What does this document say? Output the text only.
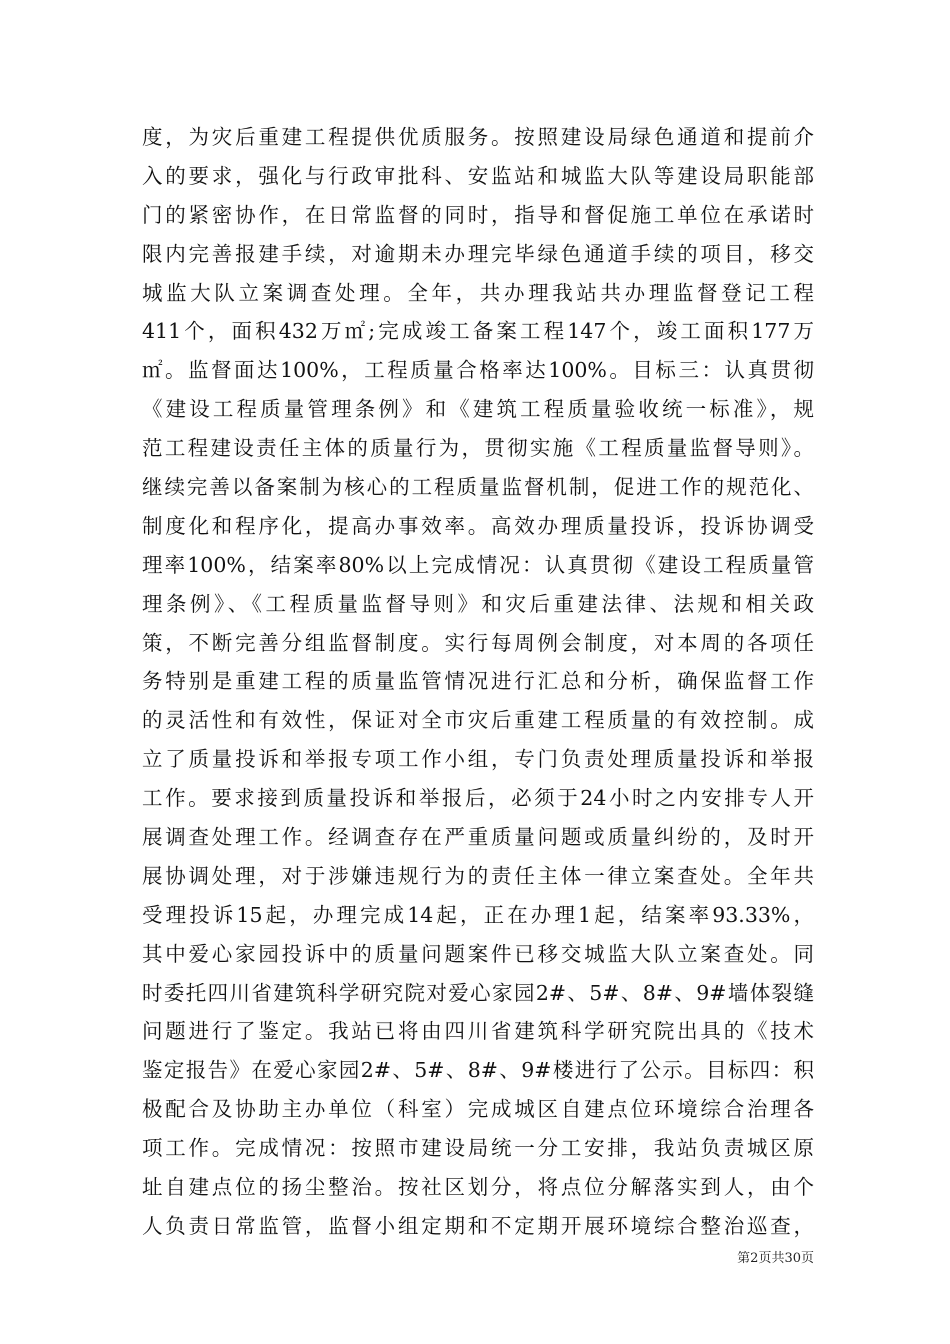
度，为灾后重建工程提供优质服务。按照建设局绿色通道和提前介
入的要求，强化与行政审批科、安监站和城监大队等建设局职能部
门的紧密协作，在日常监督的同时，指导和督促施工单位在承诺时
限内完善报建手续，对逾期未办理完毕绿色通道手续的项目，移交
城监大队立案调查处理。全年，共办理我站共办理监督登记工程
411个，面积432万㎡;完成竣工备案工程147个，竣工面积177万
㎡。监督面达100%，工程质量合格率达100%。目标三：认真贯彻
《建设工程质量管理条例》和《建筑工程质量验收统一标准》，规
范工程建设责任主体的质量行为，贯彻实施《工程质量监督导则》。
继续完善以备案制为核心的工程质量监督机制，促进工作的规范化、
制度化和程序化，提高办事效率。高效办理质量投诉，投诉协调受
理率100%，结案率80%以上完成情况：认真贯彻《建设工程质量管
理条例》、《工程质量监督导则》和灾后重建法律、法规和相关政
策，不断完善分组监督制度。实行每周例会制度，对本周的各项任
务特别是重建工程的质量监管情况进行汇总和分析，确保监督工作
的灵活性和有效性，保证对全市灾后重建工程质量的有效控制。成
立了质量投诉和举报专项工作小组，专门负责处理质量投诉和举报
工作。要求接到质量投诉和举报后，必须于24小时之内安排专人开
展调查处理工作。经调查存在严重质量问题或质量纠纷的，及时开
展协调处理，对于涉嫌违规行为的责任主体一律立案查处。全年共
受理投诉15起，办理完成14起，正在办理1起，结案率93.33%，
其中爱心家园投诉中的质量问题案件已移交城监大队立案查处。同
时委托四川省建筑科学研究院对爱心家园2#、5#、8#、9#墙体裂缝
问题进行了鉴定。我站已将由四川省建筑科学研究院出具的《技术
鉴定报告》在爱心家园2#、5#、8#、9#楼进行了公示。目标四：积
极配合及协助主办单位（科室）完成城区自建点位环境综合治理各
项工作。完成情况：按照市建设局统一分工安排，我站负责城区原
址自建点位的扬尘整治。按社区划分，将点位分解落实到人，由个
人负责日常监管，监督小组定期和不定期开展环境综合整治巡查，
第2页共30页
